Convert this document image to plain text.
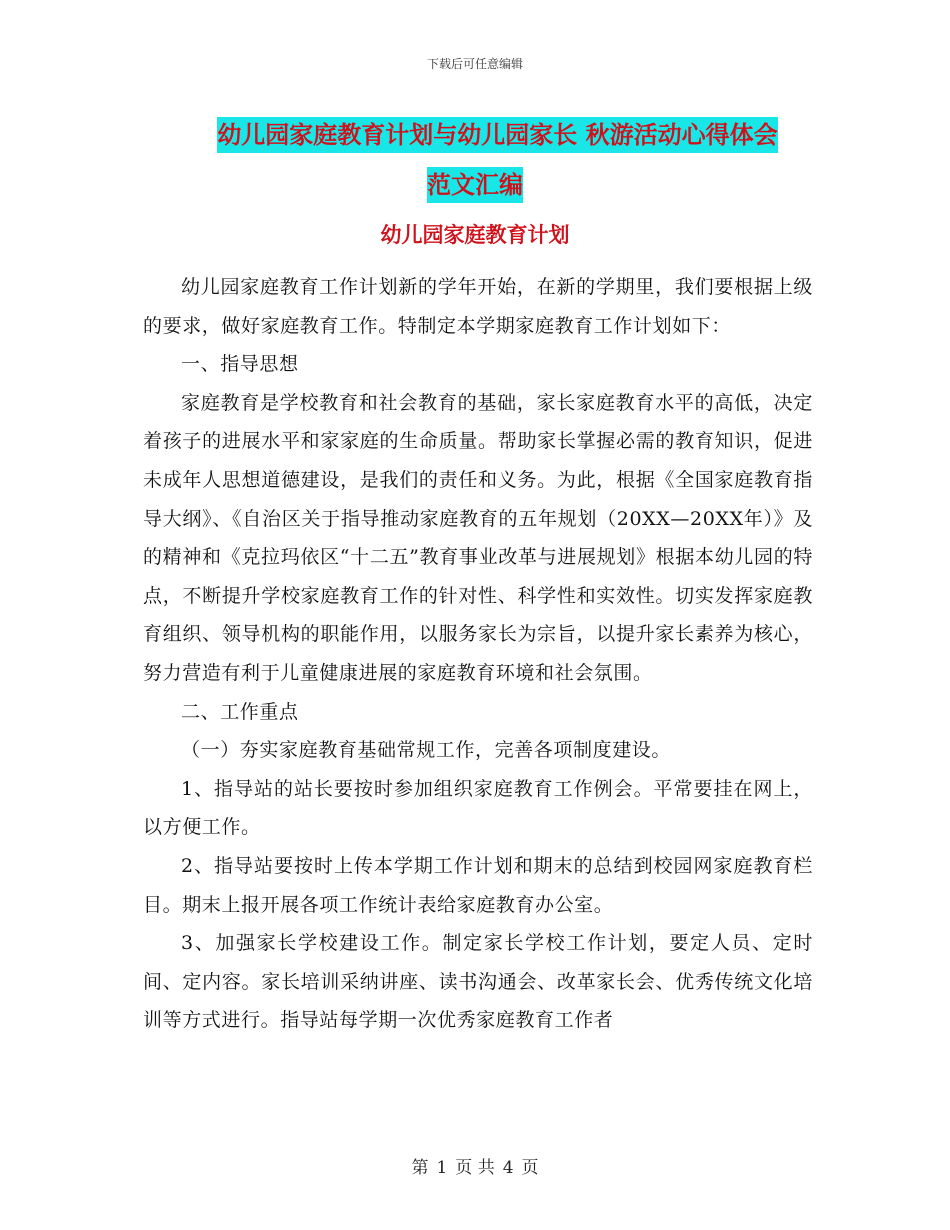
下载后可任意编辑
幼儿园家庭教育计划与幼儿园家长 秋游活动心得体会
范文汇编
幼儿园家庭教育计划

幼儿园家庭教育工作计划新的学年开始，在新的学期里，我们要根据上级的要求，做好家庭教育工作。特制定本学期家庭教育工作计划如下：

一、指导思想

家庭教育是学校教育和社会教育的基础，家长家庭教育水平的高低，决定着孩子的进展水平和家家庭的生命质量。帮助家长掌握必需的教育知识，促进未成年人思想道德建设，是我们的责任和义务。为此，根据《全国家庭教育指导大纲》、《自治区关于指导推动家庭教育的五年规划（20XX—20XX年）》及的精神和《克拉玛依区“十二五”教育事业改革与进展规划》根据本幼儿园的特点，不断提升学校家庭教育工作的针对性、科学性和实效性。切实发挥家庭教育组织、领导机构的职能作用，以服务家长为宗旨，以提升家长素养为核心，努力营造有利于儿童健康进展的家庭教育环境和社会氛围。

二、工作重点

（一）夯实家庭教育基础常规工作，完善各项制度建设。

1、指导站的站长要按时参加组织家庭教育工作例会。平常要挂在网上，以方便工作。

2、指导站要按时上传本学期工作计划和期末的总结到校园网家庭教育栏目。期末上报开展各项工作统计表给家庭教育办公室。

3、加强家长学校建设工作。制定家长学校工作计划，要定人员、定时间、定内容。家长培训采纳讲座、读书沟通会、改革家长会、优秀传统文化培训等方式进行。指导站每学期一次优秀家庭教育工作者

第 1 页 共 4 页
